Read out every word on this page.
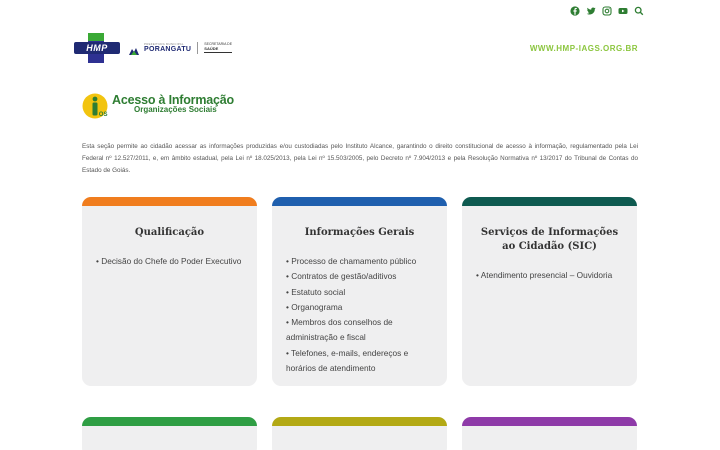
HMP	PREFEITURA MUNICIPAL
PORANGATU
SECRETARIA DE
SAÚDE	WWW.HMP-IAGS.ORG.BR
OS
Acesso à Informação
Organizações Sociais

Esta seção permite ao cidadão acessar as informações produzidas e/ou custodiadas pelo Instituto Alcance, garantindo o direito constitucional de acesso à informação, regulamentado pela Lei Federal nº 12.527/2011, e, em âmbito estadual, pela Lei nº 18.025/2013, pela Lei nº 15.503/2005, pelo Decreto nº 7.904/2013 e pela Resolução Normativa nº 13/2017 do Tribunal de Contas do Estado de Goiás.

Qualificação
• Decisão do Chefe do Poder Executivo
Informações Gerais
• Processo de chamamento público
• Contratos de gestão/aditivos
• Estatuto social
• Organograma
• Membros dos conselhos de administração e fiscal
• Telefones, e-mails, endereços e horários de atendimento
Serviços de Informações ao Cidadão (SIC)
• Atendimento presencial – Ouvidoria
